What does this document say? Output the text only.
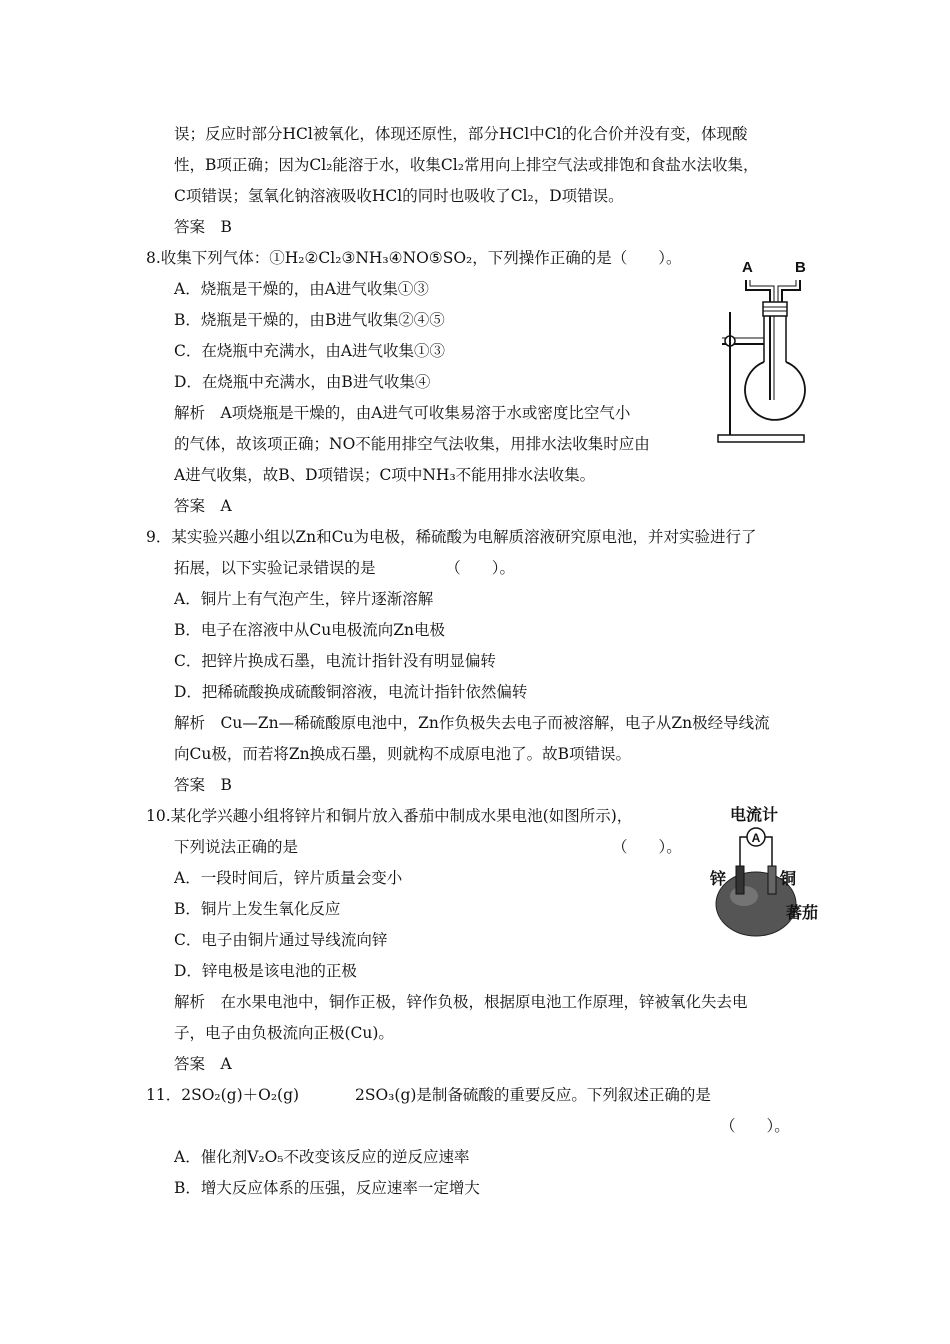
误；反应时部分HCl被氧化，体现还原性，部分HCl中Cl的化合价并没有变，体现酸
性，B项正确；因为Cl₂能溶于水，收集Cl₂常用向上排空气法或排饱和食盐水法收集，
C项错误；氢氧化钠溶液吸收HCl的同时也吸收了Cl₂，D项错误。
答案　B
8.收集下列气体：①H₂②Cl₂③NH₃④NO⑤SO₂，下列操作正确的是（　　）。
A．烧瓶是干燥的，由A进气收集①③
B．烧瓶是干燥的，由B进气收集②④⑤
C．在烧瓶中充满水，由A进气收集①③
D．在烧瓶中充满水，由B进气收集④
解析　A项烧瓶是干燥的，由A进气可收集易溶于水或密度比空气小
的气体，故该项正确；NO不能用排空气法收集，用排水法收集时应由
A进气收集，故B、D项错误；C项中NH₃不能用排水法收集。
答案　A
A	B
9．某实验兴趣小组以Zn和Cu为电极，稀硫酸为电解质溶液研究原电池，并对实验进行了
拓展，以下实验记录错误的是　　　　　（　　）。
A．铜片上有气泡产生，锌片逐渐溶解
B．电子在溶液中从Cu电极流向Zn电极
C．把锌片换成石墨，电流计指针没有明显偏转
D．把稀硫酸换成硫酸铜溶液，电流计指针依然偏转
解析　Cu—Zn—稀硫酸原电池中，Zn作负极失去电子而被溶解，电子从Zn极经导线流
向Cu极，而若将Zn换成石墨，则就构不成原电池了。故B项错误。
答案　B
10.某化学兴趣小组将锌片和铜片放入番茄中制成水果电池(如图所示)，
下列说法正确的是	（　　）。
A．一段时间后，锌片质量会变小
B．铜片上发生氧化反应
C．电子由铜片通过导线流向锌
D．锌电极是该电池的正极
解析　在水果电池中，铜作正极，锌作负极，根据原电池工作原理，锌被氧化失去电
子，电子由负极流向正极(Cu)。
答案　A
电流计
A
锌	铜
蕃茄
11．2SO₂(g)＋O₂(g)	2SO₃(g)是制备硫酸的重要反应。下列叙述正确的是
（　　）。
A．催化剂V₂O₅不改变该反应的逆反应速率
B．增大反应体系的压强，反应速率一定增大
